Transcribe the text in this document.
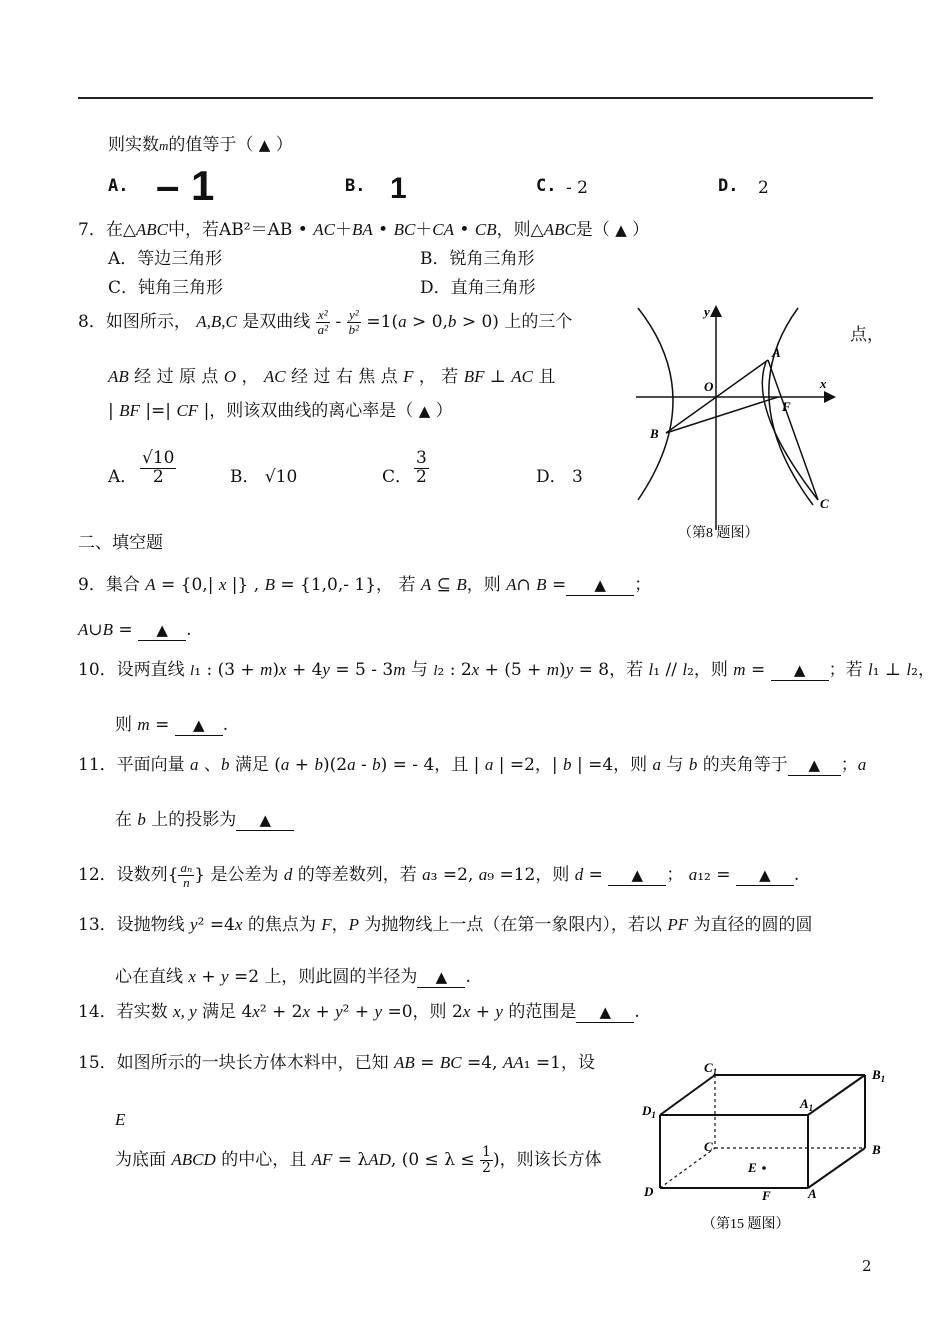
则实数m的值等于（ ▲ ）
A. – 1	B. 1	C. - 2	D. 2
7．在△ABC中，若AB²＝AB • AC＋BA • BC＋CA • CB，则△ABC是（ ▲ ）
A．等边三角形	B．锐角三角形
C．钝角三角形	D．直角三角形
8．如图所示， A,B,C 是双曲线 $\frac{\text{x²}}{\text{a²}} - \frac{\text{y²}}{\text{b²}} =1(a > 0,b > 0)$ 上的三个
点，
AB 经 过 原 点 O ， AC 经 过 右 焦 点 F ， 若 BF ⊥ AC 且
| BF |=| CF |，则该双曲线的离心率是（ ▲ ）
A． $\frac{√10}{2}$	B． √10	C． $\frac{3}{2}$	D． 3
y
x
O
A
B
F
C
（第8 题图）
二、填空题
9．集合 A = {0,| x |} , B = {1,0,- 1}， 若 A ⊆ B，则 A∩ B = ▲ ；
A∪B = ▲ .
10．设两直线 l₁ : (3 + m)x + 4y = 5 - 3m 与 l₂ : 2x + (5 + m)y = 8，若 l₁ // l₂，则 m = ▲ ；若 l₁ ⊥ l₂，
则 m = ▲ .
11．平面向量 a 、b 满足 (a + b)(2a - b) = - 4，且 | a | =2，| b | =4，则 a 与 b 的夹角等于 ▲ ；a
在 b 上的投影为 ▲
12．设数列{ $\frac{\text{aₙ}}{n}$ } 是公差为 d 的等差数列，若 a₃ =2, a₉ =12，则 d = ▲ ； a₁₂ = ▲ .
13．设抛物线 y² =4x 的焦点为 F，P 为抛物线上一点（在第一象限内），若以 PF 为直径的圆的圆
心在直线 x + y =2 上，则此圆的半径为 ▲ .
14．若实数 x, y 满足 4x² + 2x + y² + y =0，则 2x + y 的范围是 ▲ .
15．如图所示的一块长方体木料中，已知 AB = BC =4, AA₁ =1，设
E
为底面 ABCD 的中心，且 AF = λAD, ($0 \le \lambda \le \frac{1}{2}$ )，则该长方体
$C_1$	$B_1$
$D_1$
$A_1$
C	B
E
D	F	A
（第15 题图）
2
